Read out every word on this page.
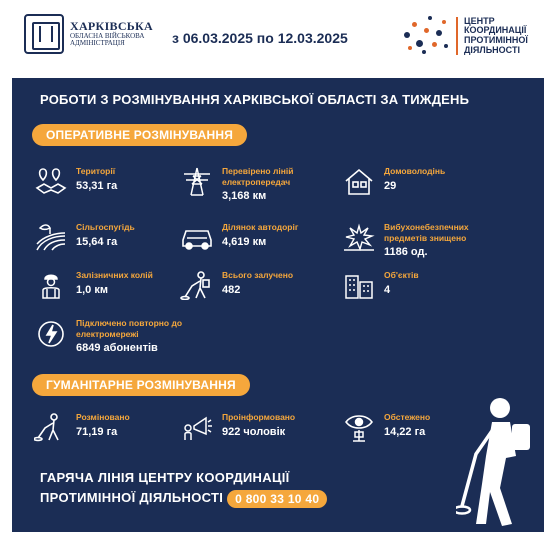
ХАРКІВСЬКА
ОБЛАСНА ВІЙСЬКОВА
АДМІНІСТРАЦІЯ	з 06.03.2025 по 12.03.2025
ЦЕНТР
КООРДИНАЦІЇ
ПРОТИМІННОЇ
ДІЯЛЬНОСТІ
РОБОТИ З РОЗМІНУВАННЯ ХАРКІВСЬКОЇ ОБЛАСТІ ЗА ТИЖДЕНЬ
ОПЕРАТИВНЕ РОЗМІНУВАННЯ
Території
53,31 га
Перевірено ліній електропередач
3,168 км
Домоволодінь
29
Сільгоспугідь
15,64 га
Ділянок автодоріг
4,619 км
Вибухонебезпечних предметів знищено
1186 од.
Залізничних колій
1,0 км
Всього залучено
482
Об'єктів
4
Підключено повторно до електромережі
6849 абонентів
ГУМАНІТАРНЕ РОЗМІНУВАННЯ
Розміновано
71,19 га
Проінформовано
922 чоловік
Обстежено
14,22 га
ГАРЯЧА ЛІНІЯ ЦЕНТРУ КООРДИНАЦІЇ
ПРОТИМІННОЇ ДІЯЛЬНОСТІ 0 800 33 10 40
